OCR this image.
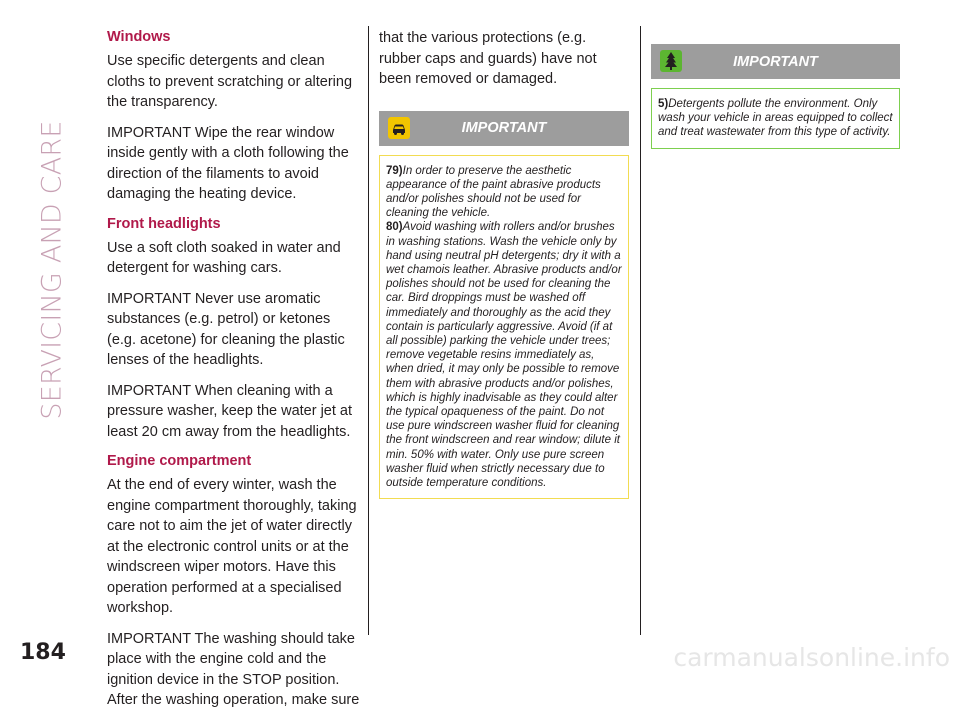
SERVICING AND CARE
184
Windows

Use specific detergents and clean cloths to prevent scratching or altering the transparency.

IMPORTANT Wipe the rear window inside gently with a cloth following the direction of the filaments to avoid damaging the heating device.

Front headlights

Use a soft cloth soaked in water and detergent for washing cars.

IMPORTANT Never use aromatic substances (e.g. petrol) or ketones (e.g. acetone) for cleaning the plastic lenses of the headlights.

IMPORTANT When cleaning with a pressure washer, keep the water jet at least 20 cm away from the headlights.

Engine compartment

At the end of every winter, wash the engine compartment thoroughly, taking care not to aim the jet of water directly at the electronic control units or at the windscreen wiper motors. Have this operation performed at a specialised workshop.

IMPORTANT The washing should take place with the engine cold and the ignition device in the STOP position. After the washing operation, make sure

that the various protections (e.g. rubber caps and guards) have not been removed or damaged.

IMPORTANT

79)In order to preserve the aesthetic appearance of the paint abrasive products and/or polishes should not be used for cleaning the vehicle.

80)Avoid washing with rollers and/or brushes in washing stations. Wash the vehicle only by hand using neutral pH detergents; dry it with a wet chamois leather. Abrasive products and/or polishes should not be used for cleaning the car. Bird droppings must be washed off immediately and thoroughly as the acid they contain is particularly aggressive. Avoid (if at all possible) parking the vehicle under trees; remove vegetable resins immediately as, when dried, it may only be possible to remove them with abrasive products and/or polishes, which is highly inadvisable as they could alter the typical opaqueness of the paint. Do not use pure windscreen washer fluid for cleaning the front windscreen and rear window; dilute it min. 50% with water. Only use pure screen washer fluid when strictly necessary due to outside temperature conditions.

IMPORTANT

5)Detergents pollute the environment. Only wash your vehicle in areas equipped to collect and treat wastewater from this type of activity.

carmanualsonline.info
